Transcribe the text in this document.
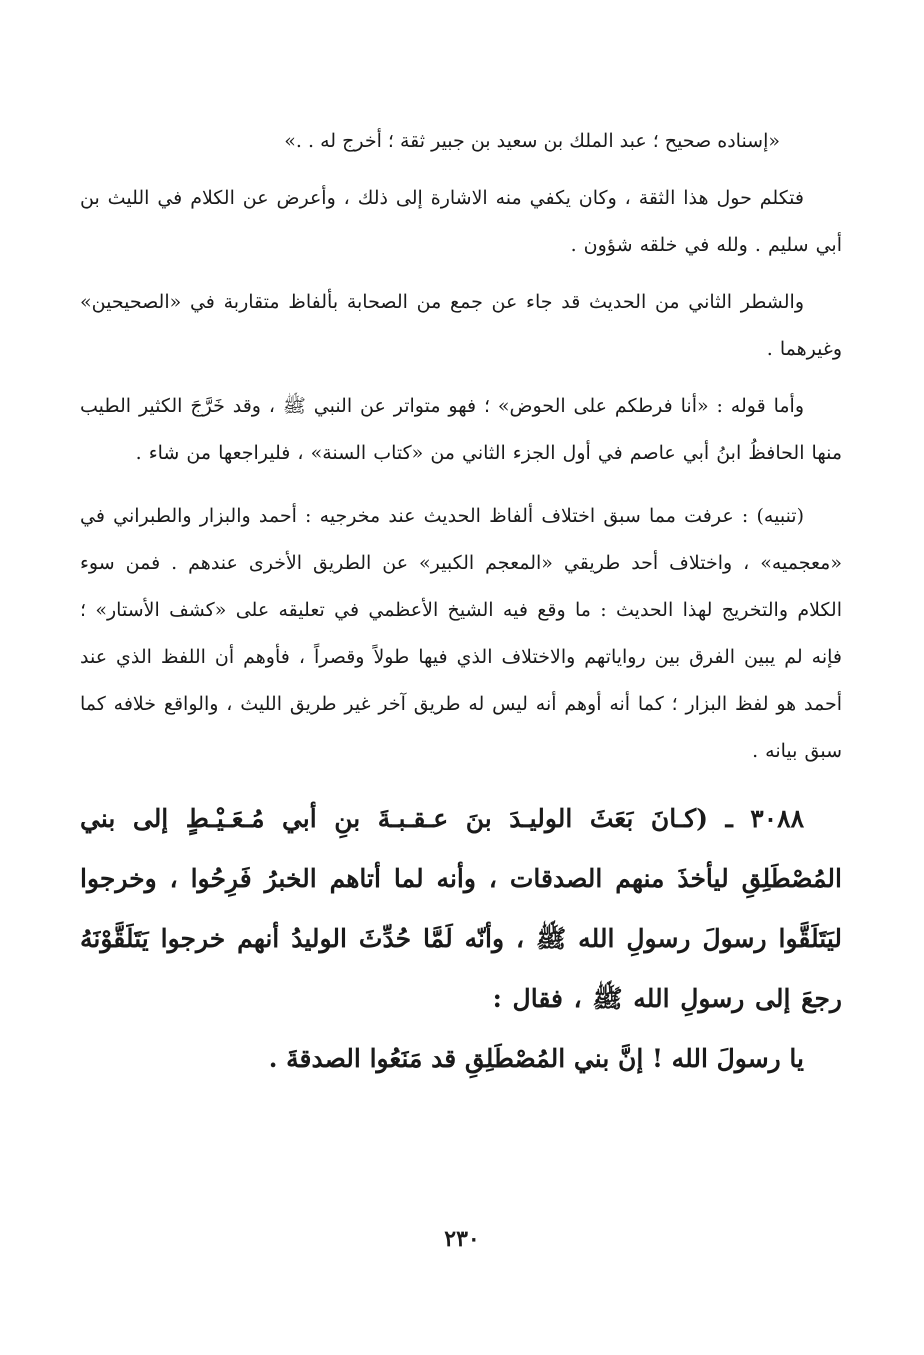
«إسناده صحيح ؛ عبد الملك بن سعيد بن جبير ثقة ؛ أخرج له . .»

فتكلم حول هذا الثقة ، وكان يكفي منه الاشارة إلى ذلك ، وأعرض عن الكلام في الليث بن أبي سليم . ولله في خلقه شؤون .

والشطر الثاني من الحديث قد جاء عن جمع من الصحابة بألفاظ متقاربة في «الصحيحين» وغيرهما .

وأما قوله : «أنا فرطكم على الحوض» ؛ فهو متواتر عن النبي ﷺ ، وقد خَرَّجَ الكثير الطيب منها الحافظُ ابنُ أبي عاصم في أول الجزء الثاني من «كتاب السنة» ، فليراجعها من شاء .

(تنبيه) : عرفت مما سبق اختلاف ألفاظ الحديث عند مخرجيه : أحمد والبزار والطبراني في «معجميه» ، واختلاف أحد طريقي «المعجم الكبير» عن الطريق الأخرى عندهم . فمن سوء الكلام والتخريج لهذا الحديث : ما وقع فيه الشيخ الأعظمي في تعليقه على «كشف الأستار» ؛ فإنه لم يبين الفرق بين رواياتهم والاختلاف الذي فيها طولاً وقصراً ، فأوهم أن اللفظ الذي عند أحمد هو لفظ البزار ؛ كما أنه أوهم أنه ليس له طريق آخر غير طريق الليث ، والواقع خلافه كما سبق بيانه .

٣٠٨٨ ـ (كـانَ بَعَثَ الوليـدَ بنَ عـقـبـةَ بنِ أبي مُـعَـيْـطٍ إلى بني المُصْطَلِقِ ليأخذَ منهم الصدقات ، وأنه لما أتاهم الخبرُ فَرِحُوا ، وخرجوا ليَتَلَقَّوا رسولَ رسولِ الله ﷺ ، وأنّه لَمَّا حُدِّثَ الوليدُ أنهم خرجوا يَتَلَقَّوْنَهُ رجعَ إلى رسولِ الله ﷺ ، فقال :

يا رسولَ الله ! إنَّ بني المُصْطَلِقِ قد مَنَعُوا الصدقةَ .

٢٣٠
